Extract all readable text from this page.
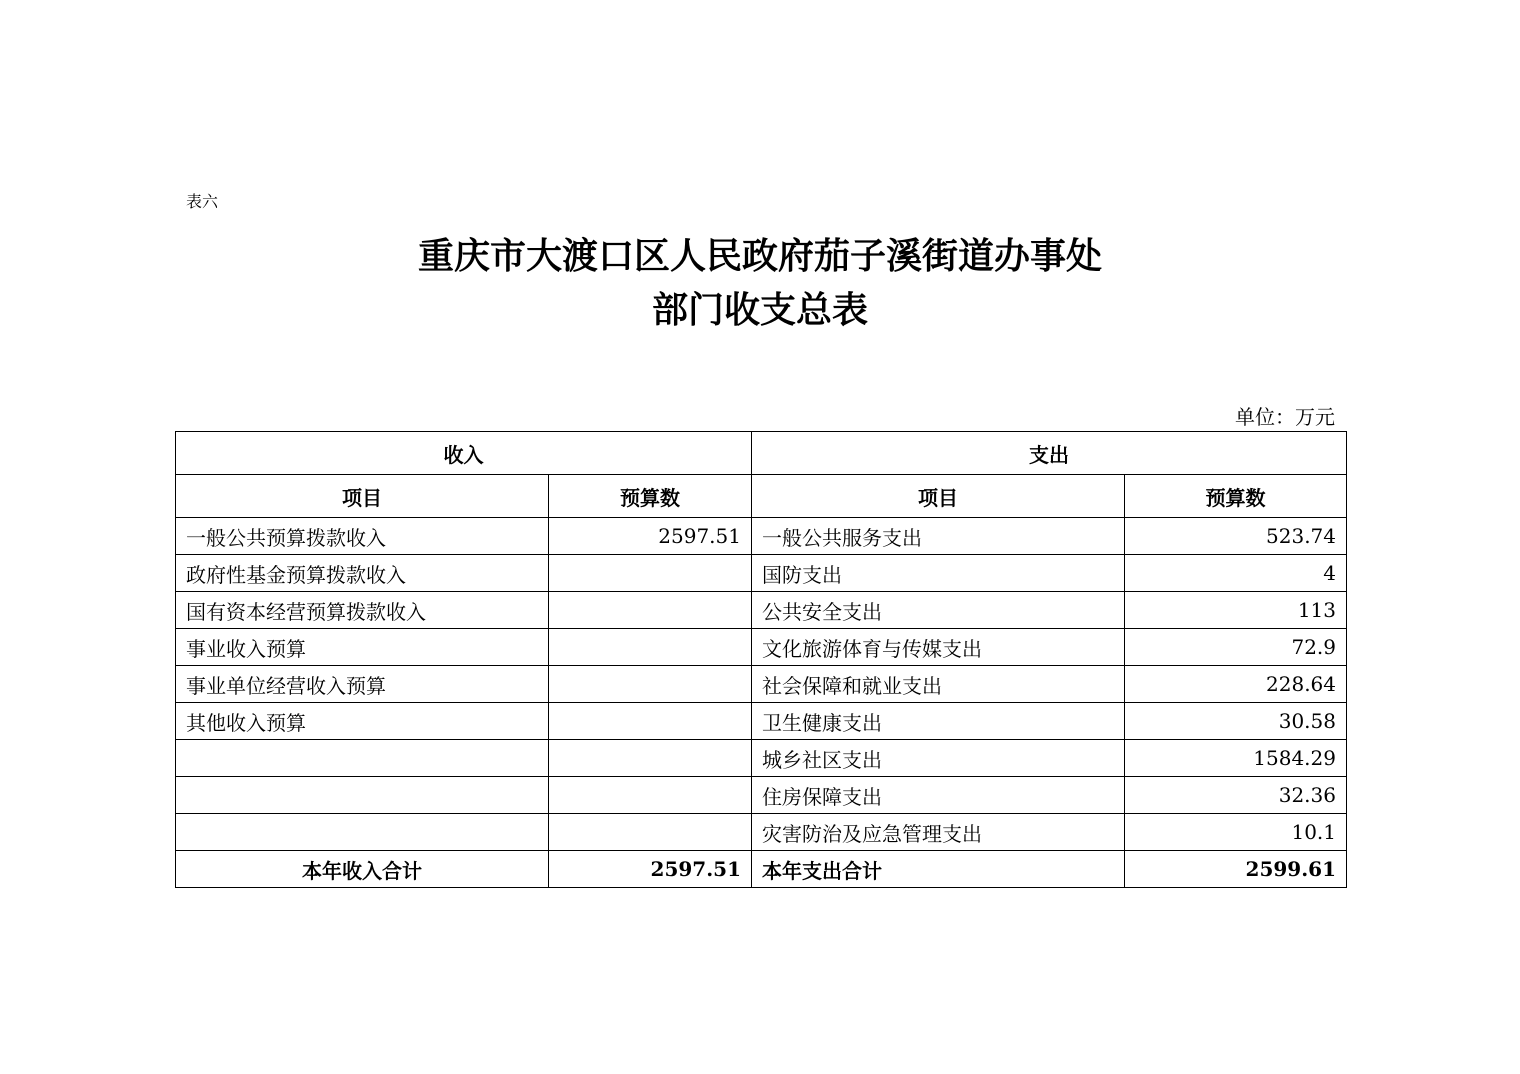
表六
重庆市大渡口区人民政府茄子溪街道办事处
部门收支总表
单位：万元
收入		支出	
项目	预算数	项目	预算数
一般公共预算拨款收入	2597.51	一般公共服务支出	523.74
政府性基金预算拨款收入		国防支出	4
国有资本经营预算拨款收入		公共安全支出	113
事业收入预算		文化旅游体育与传媒支出	72.9
事业单位经营收入预算		社会保障和就业支出	228.64
其他收入预算		卫生健康支出	30.58
		城乡社区支出	1584.29
		住房保障支出	32.36
		灾害防治及应急管理支出	10.1
本年收入合计	2597.51	本年支出合计	2599.61
